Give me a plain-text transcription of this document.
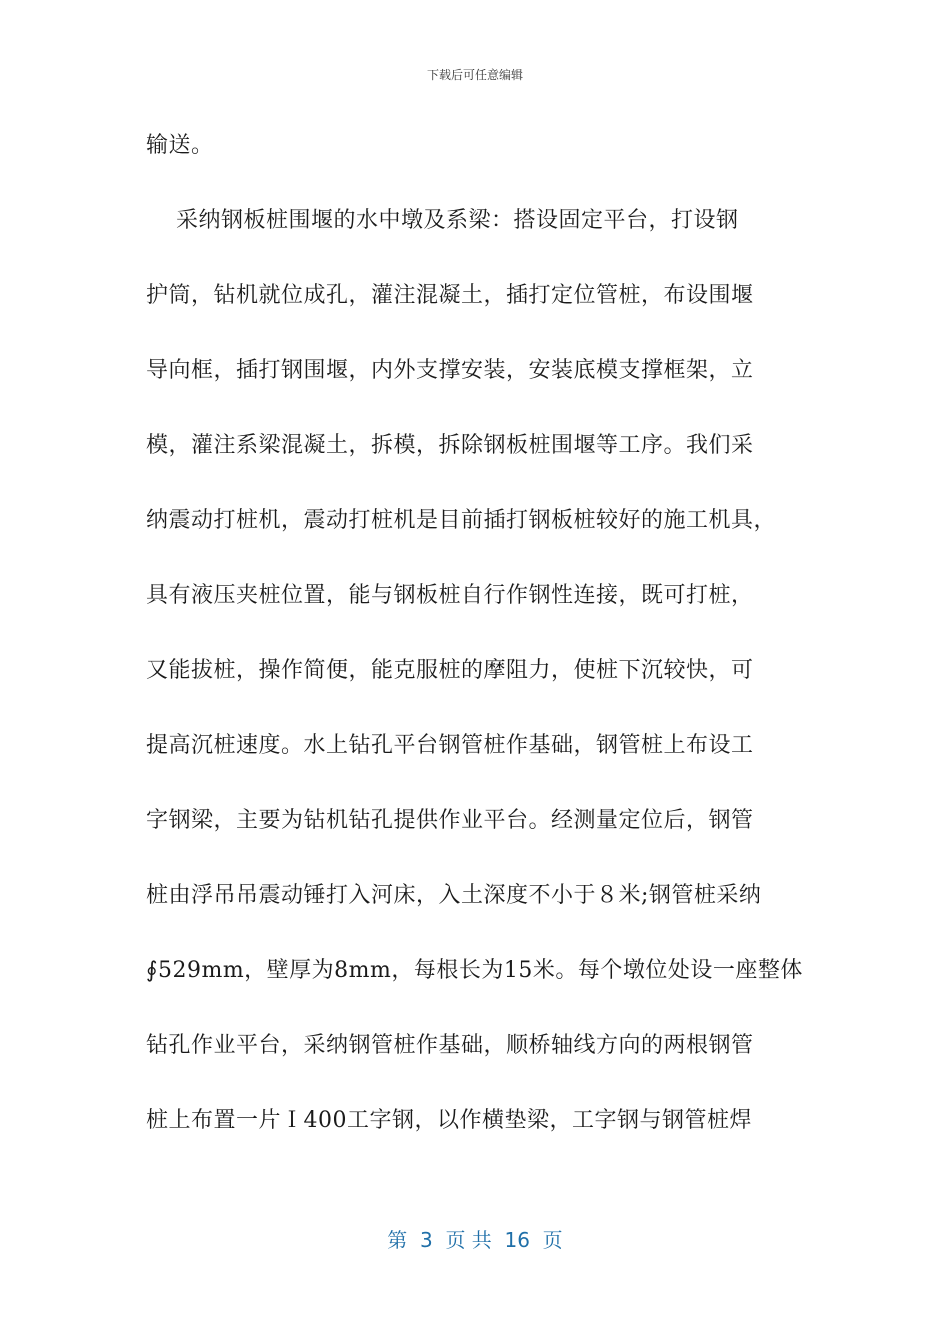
下载后可任意编辑
输送。
采纳钢板桩围堰的水中墩及系梁：搭设固定平台，打设钢
护筒，钻机就位成孔，灌注混凝土，插打定位管桩，布设围堰
导向框，插打钢围堰，内外支撑安装，安装底模支撑框架，立
模，灌注系梁混凝土，拆模，拆除钢板桩围堰等工序。我们采
纳震动打桩机，震动打桩机是目前插打钢板桩较好的施工机具，
具有液压夹桩位置，能与钢板桩自行作钢性连接，既可打桩，
又能拔桩，操作简便，能克服桩的摩阻力，使桩下沉较快，可
提高沉桩速度。水上钻孔平台钢管桩作基础，钢管桩上布设工
字钢梁，主要为钻机钻孔提供作业平台。经测量定位后，钢管
桩由浮吊吊震动锤打入河床，入土深度不小于８米;钢管桩采纳
∮529mm，壁厚为8mm，每根长为15米。每个墩位处设一座整体
钻孔作业平台，采纳钢管桩作基础，顺桥轴线方向的两根钢管
桩上布置一片Ｉ400工字钢，以作横垫梁，工字钢与钢管桩焊
第  3  页 共  16  页
